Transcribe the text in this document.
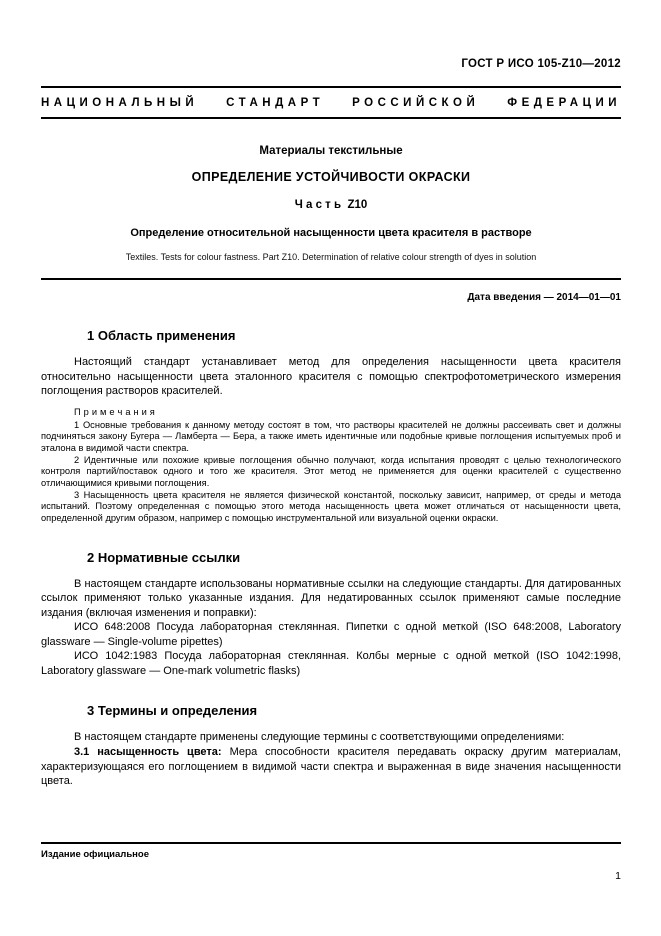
ГОСТ Р ИСО 105-Z10—2012
НАЦИОНАЛЬНЫЙ СТАНДАРТ РОССИЙСКОЙ ФЕДЕРАЦИИ
Материалы текстильные
ОПРЕДЕЛЕНИЕ УСТОЙЧИВОСТИ ОКРАСКИ
Ч а с т ь  Z10
Определение относительной насыщенности цвета красителя в растворе
Textiles. Tests for colour fastness. Part Z10. Determination of relative colour strength of dyes in solution
Дата введения — 2014—01—01
1 Область применения

Настоящий стандарт устанавливает метод для определения насыщенности цвета красителя относительно насыщенности цвета эталонного красителя с помощью спектрофотометрического измерения поглощения растворов красителей.

П р и м е ч а н и я

1 Основные требования к данному методу состоят в том, что растворы красителей не должны рассеивать свет и должны подчиняться закону Бугера — Ламберта — Бера, а также иметь идентичные или подобные кривые поглощения испытуемых проб и эталона в видимой части спектра.

2 Идентичные или похожие кривые поглощения обычно получают, когда испытания проводят с целью технологического контроля партий/поставок одного и того же красителя. Этот метод не применяется для оценки красителей с существенно отличающимися кривыми поглощения.

3 Насыщенность цвета красителя не является физической константой, поскольку зависит, например, от среды и метода испытаний. Поэтому определенная с помощью этого метода насыщенность цвета может отличаться от насыщенности цвета, определенной другим образом, например с помощью инструментальной или визуальной оценки окраски.

2 Нормативные ссылки

В настоящем стандарте использованы нормативные ссылки на следующие стандарты. Для датированных ссылок применяют только указанные издания. Для недатированных ссылок применяют самые последние издания (включая изменения и поправки):

ИСО 648:2008 Посуда лабораторная стеклянная. Пипетки с одной меткой (ISO 648:2008, Laboratory glassware — Single-volume pipettes)

ИСО 1042:1983 Посуда лабораторная стеклянная. Колбы мерные с одной меткой (ISO 1042:1998, Laboratory glassware — One-mark volumetric flasks)

3 Термины и определения

В настоящем стандарте применены следующие термины с соответствующими определениями:

3.1 насыщенность цвета: Мера способности красителя передавать окраску другим материалам, характеризующаяся его поглощением в видимой части спектра и выраженная в виде значения насыщенности цвета.

Издание официальное
1
